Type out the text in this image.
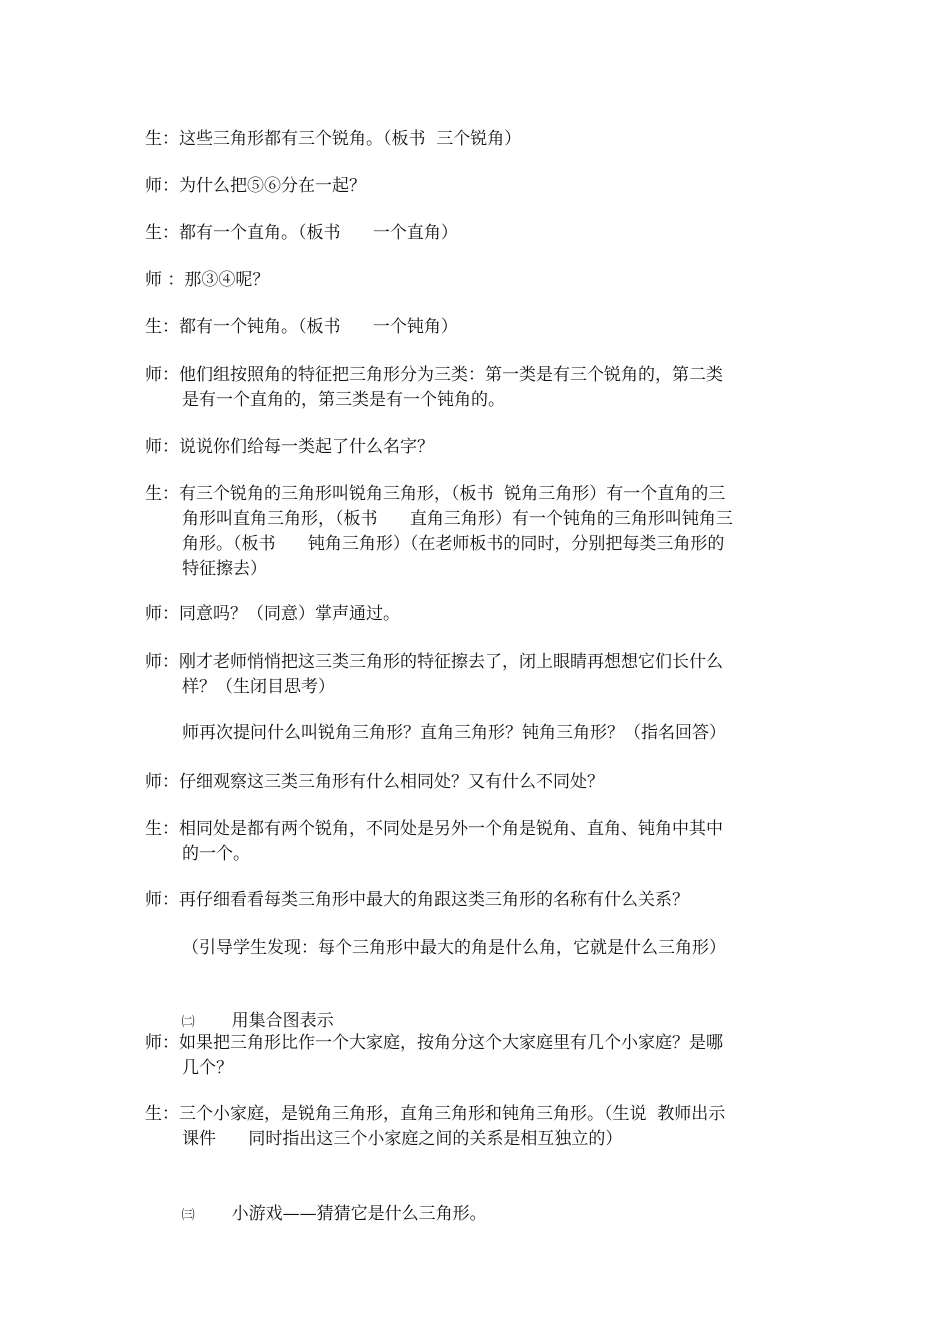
生：这些三角形都有三个锐角。（板书  三个锐角）
师：为什么把⑤⑥分在一起？
生：都有一个直角。（板书      一个直角）
师 ：那③④呢？
生：都有一个钝角。（板书      一个钝角）
师：他们组按照角的特征把三角形分为三类：第一类是有三个锐角的，第二类
是有一个直角的，第三类是有一个钝角的。
师：说说你们给每一类起了什么名字？
生：有三个锐角的三角形叫锐角三角形，（板书  锐角三角形）有一个直角的三
角形叫直角三角形，（板书      直角三角形）有一个钝角的三角形叫钝角三
角形。（板书      钝角三角形）（在老师板书的同时，分别把每类三角形的
特征擦去）
师：同意吗？（同意）掌声通过。
师：刚才老师悄悄把这三类三角形的特征擦去了，闭上眼睛再想想它们长什么
样？（生闭目思考）
师再次提问什么叫锐角三角形？直角三角形？钝角三角形？（指名回答）
师：仔细观察这三类三角形有什么相同处？又有什么不同处？
生：相同处是都有两个锐角，不同处是另外一个角是锐角、直角、钝角中其中
的一个。
师：再仔细看看每类三角形中最大的角跟这类三角形的名称有什么关系？
（引导学生发现：每个三角形中最大的角是什么角，它就是什么三角形）

㈡ 用集合图表示

师：如果把三角形比作一个大家庭，按角分这个大家庭里有几个小家庭？是哪
几个？
生：三个小家庭，是锐角三角形，直角三角形和钝角三角形。（生说  教师出示
课件      同时指出这三个小家庭之间的关系是相互独立的）

㈢ 小游戏——猜猜它是什么三角形。
